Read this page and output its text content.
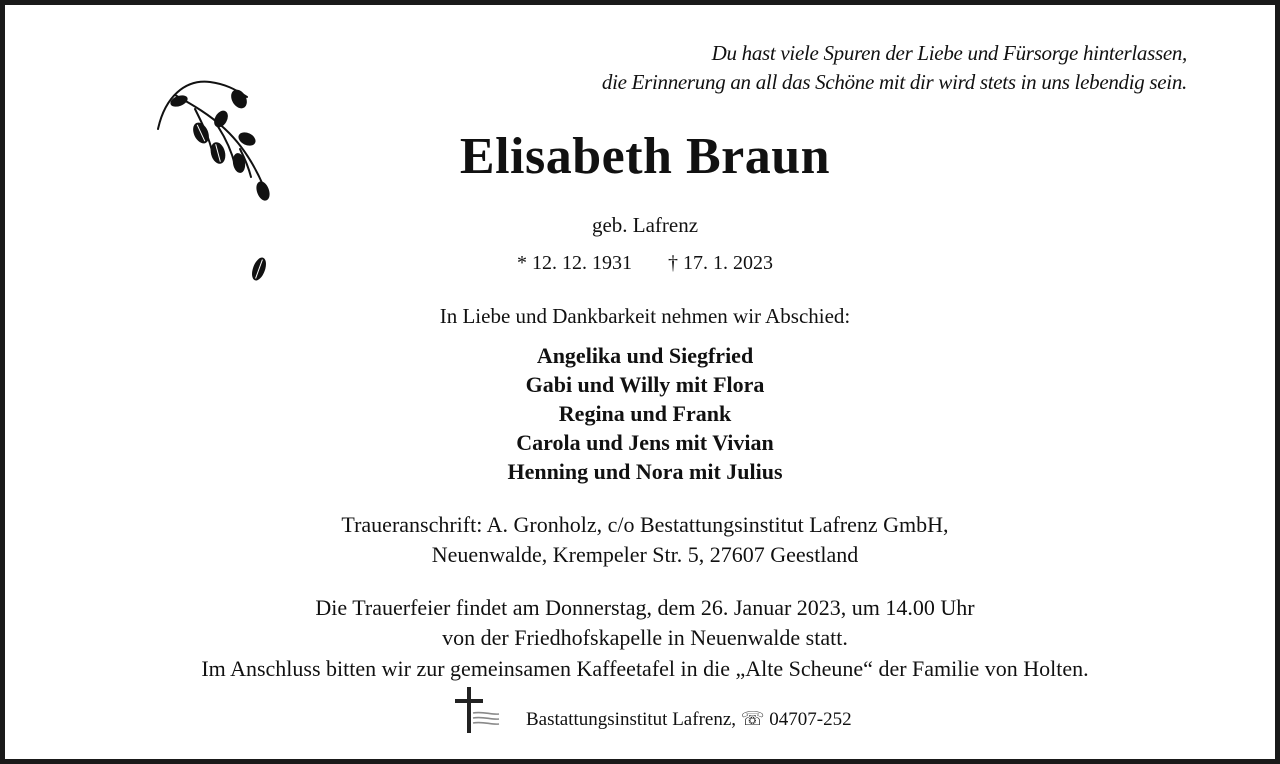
Du hast viele Spuren der Liebe und Fürsorge hinterlassen,
die Erinnerung an all das Schöne mit dir wird stets in uns lebendig sein.
Elisabeth Braun
geb. Lafrenz
* 12. 12. 1931 † 17. 1. 2023
In Liebe und Dankbarkeit nehmen wir Abschied:
Angelika und Siegfried
Gabi und Willy mit Flora
Regina und Frank
Carola und Jens mit Vivian
Henning und Nora mit Julius
Traueranschrift: A. Gronholz, c/o Bestattungsinstitut Lafrenz GmbH,
Neuenwalde, Krempeler Str. 5, 27607 Geestland
Die Trauerfeier findet am Donnerstag, dem 26. Januar 2023, um 14.00 Uhr
von der Friedhofskapelle in Neuenwalde statt.
Im Anschluss bitten wir zur gemeinsamen Kaffeetafel in die „Alte Scheune“ der Familie von Holten.
Bastattungsinstitut Lafrenz, ☏ 04707-252
